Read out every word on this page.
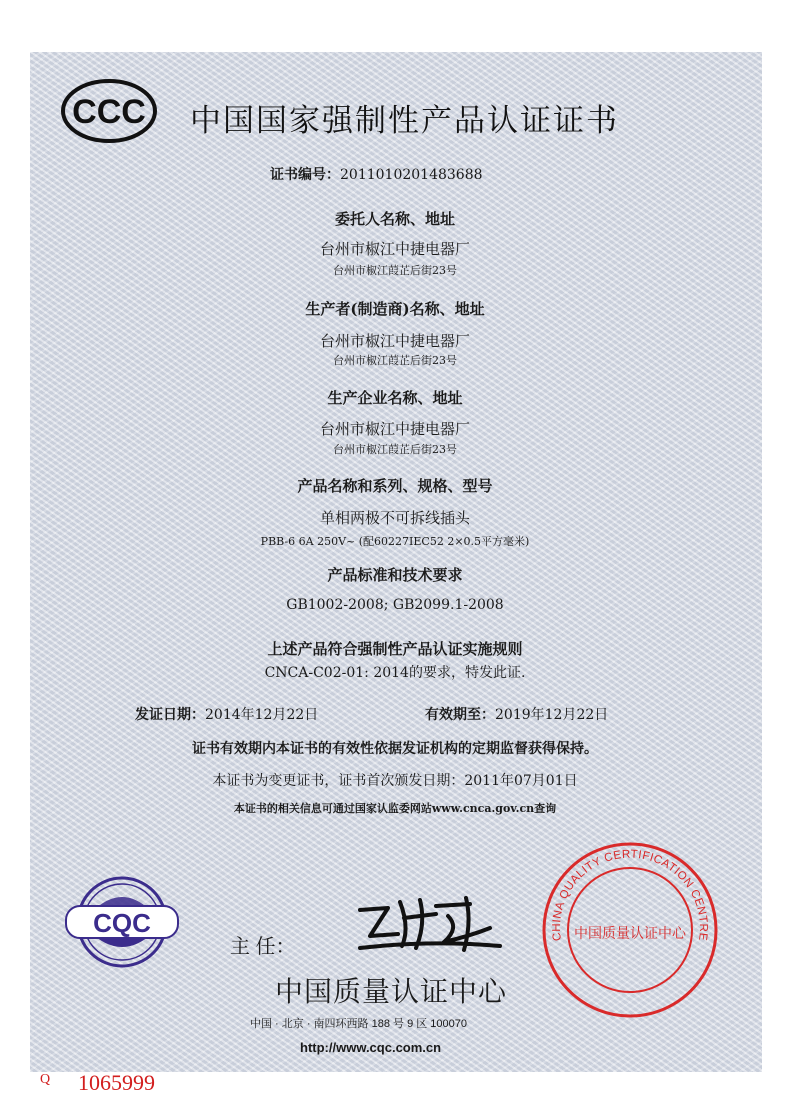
CCC 中国国家强制性产品认证证书
证书编号：2011010201483688
委托人名称、地址
台州市椒江中捷电器厂
台州市椒江葭芷后街23号
生产者(制造商)名称、地址
台州市椒江中捷电器厂
台州市椒江葭芷后街23号
生产企业名称、地址
台州市椒江中捷电器厂
台州市椒江葭芷后街23号
产品名称和系列、规格、型号
单相两极不可拆线插头
PBB-6 6A 250V~ (配60227IEC52 2×0.5平方毫米)
产品标准和技术要求
GB1002-2008; GB2099.1-2008
上述产品符合强制性产品认证实施规则
CNCA-C02-01: 2014的要求，特发此证.
发证日期：2014年12月22日	有效期至：2019年12月22日
证书有效期内本证书的有效性依据发证机构的定期监督获得保持。
本证书为变更证书，证书首次颁发日期：2011年07月01日
本证书的相关信息可通过国家认监委网站www.cnca.gov.cn查询
CQC
主 任：
中国质量认证中心
中国 · 北京 · 南四环西路 188 号 9 区 100070
http://www.cqc.com.cn
CHINA QUALITY CERTIFICATION CENTRE
中国质量认证中心
Q 1065999
